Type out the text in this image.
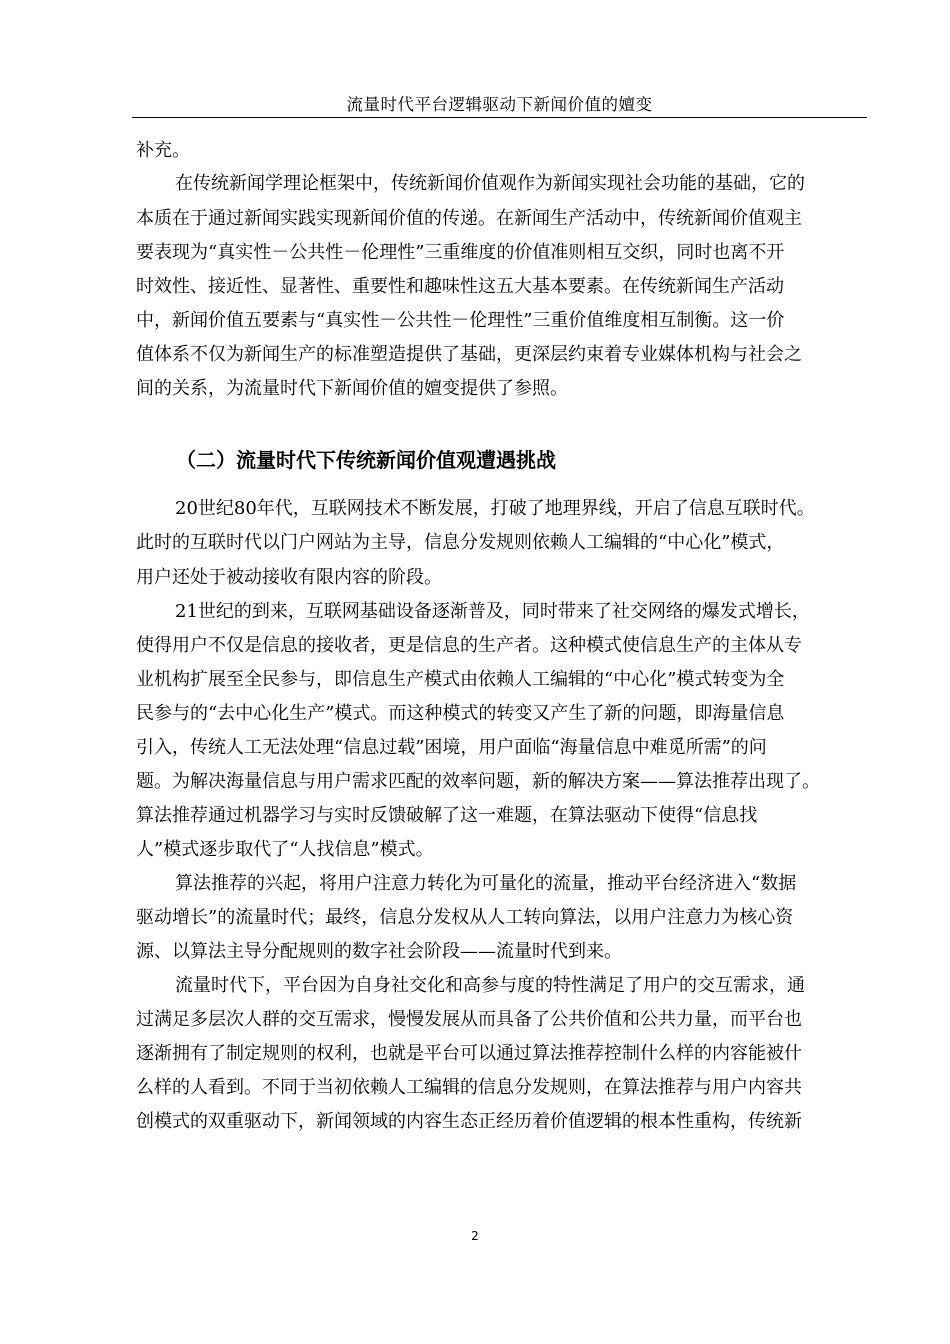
流量时代平台逻辑驱动下新闻价值的嬗变

补充。

在传统新闻学理论框架中，传统新闻价值观作为新闻实现社会功能的基础，它的

本质在于通过新闻实践实现新闻价值的传递。在新闻生产活动中，传统新闻价值观主

要表现为“真实性－公共性－伦理性”三重维度的价值准则相互交织，同时也离不开

时效性、接近性、显著性、重要性和趣味性这五大基本要素。在传统新闻生产活动

中，新闻价值五要素与“真实性－公共性－伦理性”三重价值维度相互制衡。这一价

值体系不仅为新闻生产的标准塑造提供了基础，更深层约束着专业媒体机构与社会之

间的关系，为流量时代下新闻价值的嬗变提供了参照。

（二）流量时代下传统新闻价值观遭遇挑战

20世纪80年代，互联网技术不断发展，打破了地理界线，开启了信息互联时代。

此时的互联时代以门户网站为主导，信息分发规则依赖人工编辑的“中心化”模式，

用户还处于被动接收有限内容的阶段。

21世纪的到来，互联网基础设备逐渐普及，同时带来了社交网络的爆发式增长，

使得用户不仅是信息的接收者，更是信息的生产者。这种模式使信息生产的主体从专

业机构扩展至全民参与，即信息生产模式由依赖人工编辑的“中心化”模式转变为全

民参与的“去中心化生产”模式。而这种模式的转变又产生了新的问题，即海量信息

引入，传统人工无法处理“信息过载”困境，用户面临“海量信息中难觅所需”的问

题。为解决海量信息与用户需求匹配的效率问题，新的解决方案——算法推荐出现了。

算法推荐通过机器学习与实时反馈破解了这一难题，在算法驱动下使得“信息找

人”模式逐步取代了“人找信息”模式。

算法推荐的兴起，将用户注意力转化为可量化的流量，推动平台经济进入“数据

驱动增长”的流量时代；最终，信息分发权从人工转向算法，以用户注意力为核心资

源、以算法主导分配规则的数字社会阶段——流量时代到来。

流量时代下，平台因为自身社交化和高参与度的特性满足了用户的交互需求，通

过满足多层次人群的交互需求，慢慢发展从而具备了公共价值和公共力量，而平台也

逐渐拥有了制定规则的权利，也就是平台可以通过算法推荐控制什么样的内容能被什

么样的人看到。不同于当初依赖人工编辑的信息分发规则，在算法推荐与用户内容共

创模式的双重驱动下，新闻领域的内容生态正经历着价值逻辑的根本性重构，传统新

2
